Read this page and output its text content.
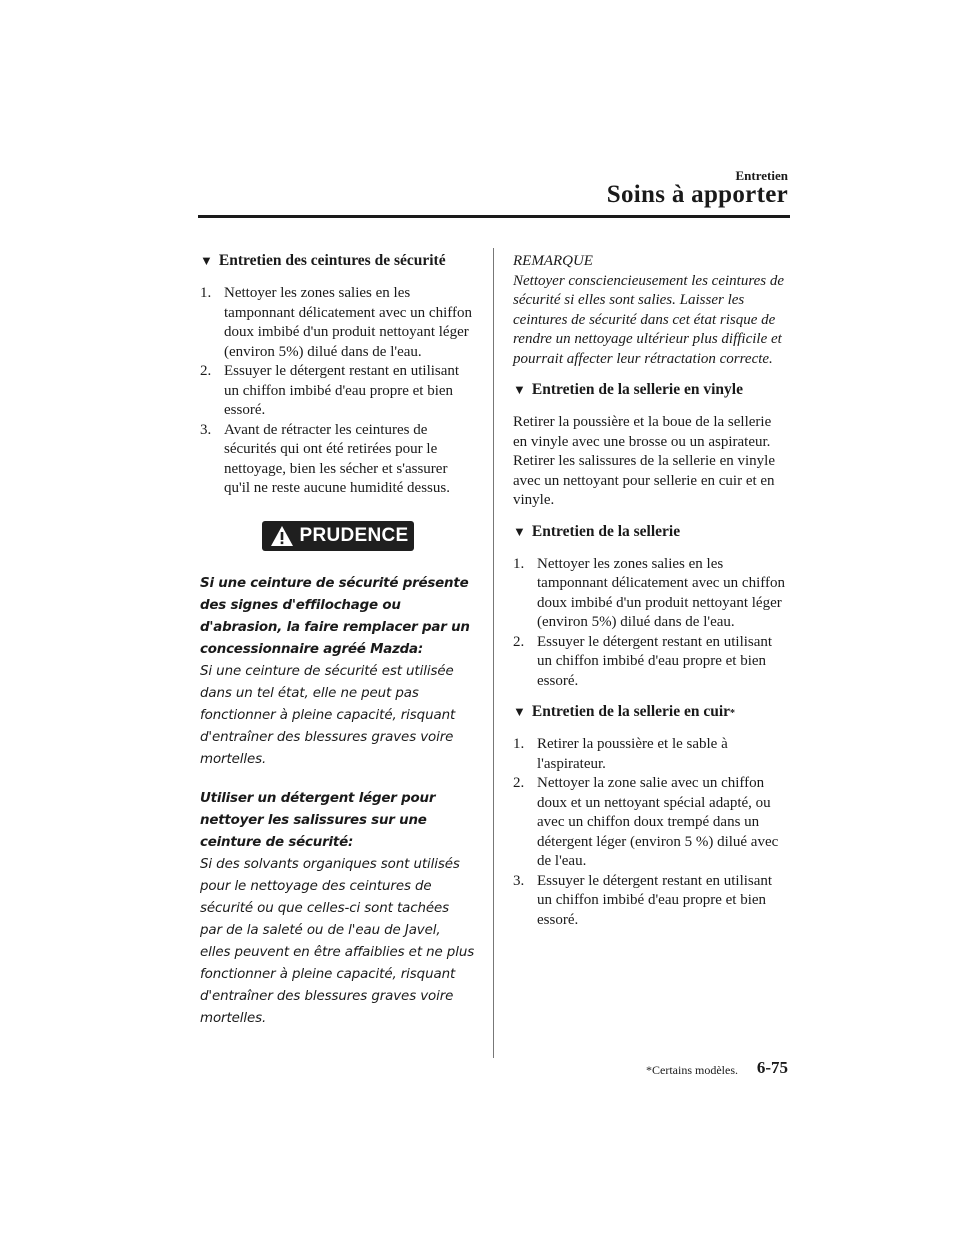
Entretien
Soins à apporter
▼ Entretien des ceintures de sécurité
1. Nettoyer les zones salies en les tamponnant délicatement avec un chiffon doux imbibé d'un produit nettoyant léger (environ 5%) dilué dans de l'eau.
2. Essuyer le détergent restant en utilisant un chiffon imbibé d'eau propre et bien essoré.
3. Avant de rétracter les ceintures de sécurités qui ont été retirées pour le nettoyage, bien les sécher et s'assurer qu'il ne reste aucune humidité dessus.
PRUDENCE
Si une ceinture de sécurité présente des signes d'effilochage ou d'abrasion, la faire remplacer par un concessionnaire agréé Mazda:
Si une ceinture de sécurité est utilisée dans un tel état, elle ne peut pas fonctionner à pleine capacité, risquant d'entraîner des blessures graves voire mortelles.
Utiliser un détergent léger pour nettoyer les salissures sur une ceinture de sécurité:
Si des solvants organiques sont utilisés pour le nettoyage des ceintures de sécurité ou que celles-ci sont tachées par de la saleté ou de l'eau de Javel, elles peuvent en être affaiblies et ne plus fonctionner à pleine capacité, risquant d'entraîner des blessures graves voire mortelles.
REMARQUE
Nettoyer consciencieusement les ceintures de sécurité si elles sont salies. Laisser les ceintures de sécurité dans cet état risque de rendre un nettoyage ultérieur plus difficile et pourrait affecter leur rétractation correcte.
▼ Entretien de la sellerie en vinyle

Retirer la poussière et la boue de la sellerie en vinyle avec une brosse ou un aspirateur. Retirer les salissures de la sellerie en vinyle avec un nettoyant pour sellerie en cuir et en vinyle.

▼ Entretien de la sellerie
1. Nettoyer les zones salies en les tamponnant délicatement avec un chiffon doux imbibé d'un produit nettoyant léger (environ 5%) dilué dans de l'eau.
2. Essuyer le détergent restant en utilisant un chiffon imbibé d'eau propre et bien essoré.
▼ Entretien de la sellerie en cuir *
1. Retirer la poussière et le sable à l'aspirateur.
2. Nettoyer la zone salie avec un chiffon doux et un nettoyant spécial adapté, ou avec un chiffon doux trempé dans un détergent léger (environ 5 %) dilué avec de l'eau.
3. Essuyer le détergent restant en utilisant un chiffon imbibé d'eau propre et bien essoré.
*Certains modèles. 6-75
